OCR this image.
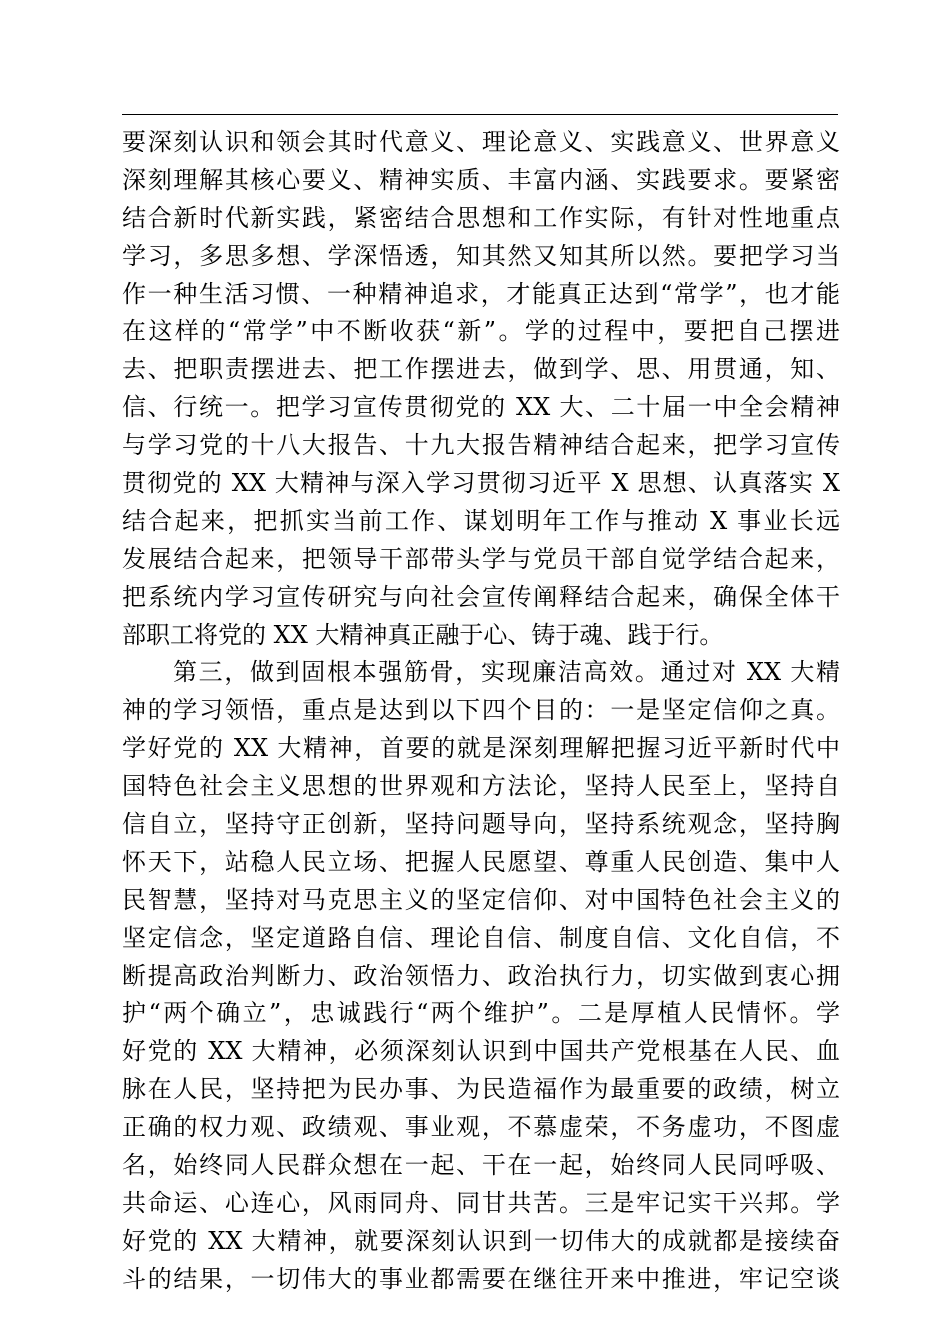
要深刻认识和领会其时代意义、理论意义、实践意义、世界意义
深刻理解其核心要义、精神实质、丰富内涵、实践要求。要紧密
结合新时代新实践，紧密结合思想和工作实际，有针对性地重点
学习，多思多想、学深悟透，知其然又知其所以然。要把学习当
作一种生活习惯、一种精神追求，才能真正达到“常学”，也才能
在这样的“常学”中不断收获“新”。学的过程中，要把自己摆进
去、把职责摆进去、把工作摆进去，做到学、思、用贯通，知、
信、行统一。把学习宣传贯彻党的 XX 大、二十届一中全会精神
与学习党的十八大报告、十九大报告精神结合起来，把学习宣传
贯彻党的 XX 大精神与深入学习贯彻习近平 X 思想、认真落实 X
结合起来，把抓实当前工作、谋划明年工作与推动 X 事业长远
发展结合起来，把领导干部带头学与党员干部自觉学结合起来，
把系统内学习宣传研究与向社会宣传阐释结合起来，确保全体干
部职工将党的 XX 大精神真正融于心、铸于魂、践于行。
第三，做到固根本强筋骨，实现廉洁高效。通过对 XX 大精
神的学习领悟，重点是达到以下四个目的：一是坚定信仰之真。
学好党的 XX 大精神，首要的就是深刻理解把握习近平新时代中
国特色社会主义思想的世界观和方法论，坚持人民至上，坚持自
信自立，坚持守正创新，坚持问题导向，坚持系统观念，坚持胸
怀天下，站稳人民立场、把握人民愿望、尊重人民创造、集中人
民智慧，坚持对马克思主义的坚定信仰、对中国特色社会主义的
坚定信念，坚定道路自信、理论自信、制度自信、文化自信，不
断提高政治判断力、政治领悟力、政治执行力，切实做到衷心拥
护“两个确立”，忠诚践行“两个维护”。二是厚植人民情怀。学
好党的 XX 大精神，必须深刻认识到中国共产党根基在人民、血
脉在人民，坚持把为民办事、为民造福作为最重要的政绩，树立
正确的权力观、政绩观、事业观，不慕虚荣，不务虚功，不图虚
名，始终同人民群众想在一起、干在一起，始终同人民同呼吸、
共命运、心连心，风雨同舟、同甘共苦。三是牢记实干兴邦。学
好党的 XX 大精神，就要深刻认识到一切伟大的成就都是接续奋
斗的结果，一切伟大的事业都需要在继往开来中推进，牢记空谈
